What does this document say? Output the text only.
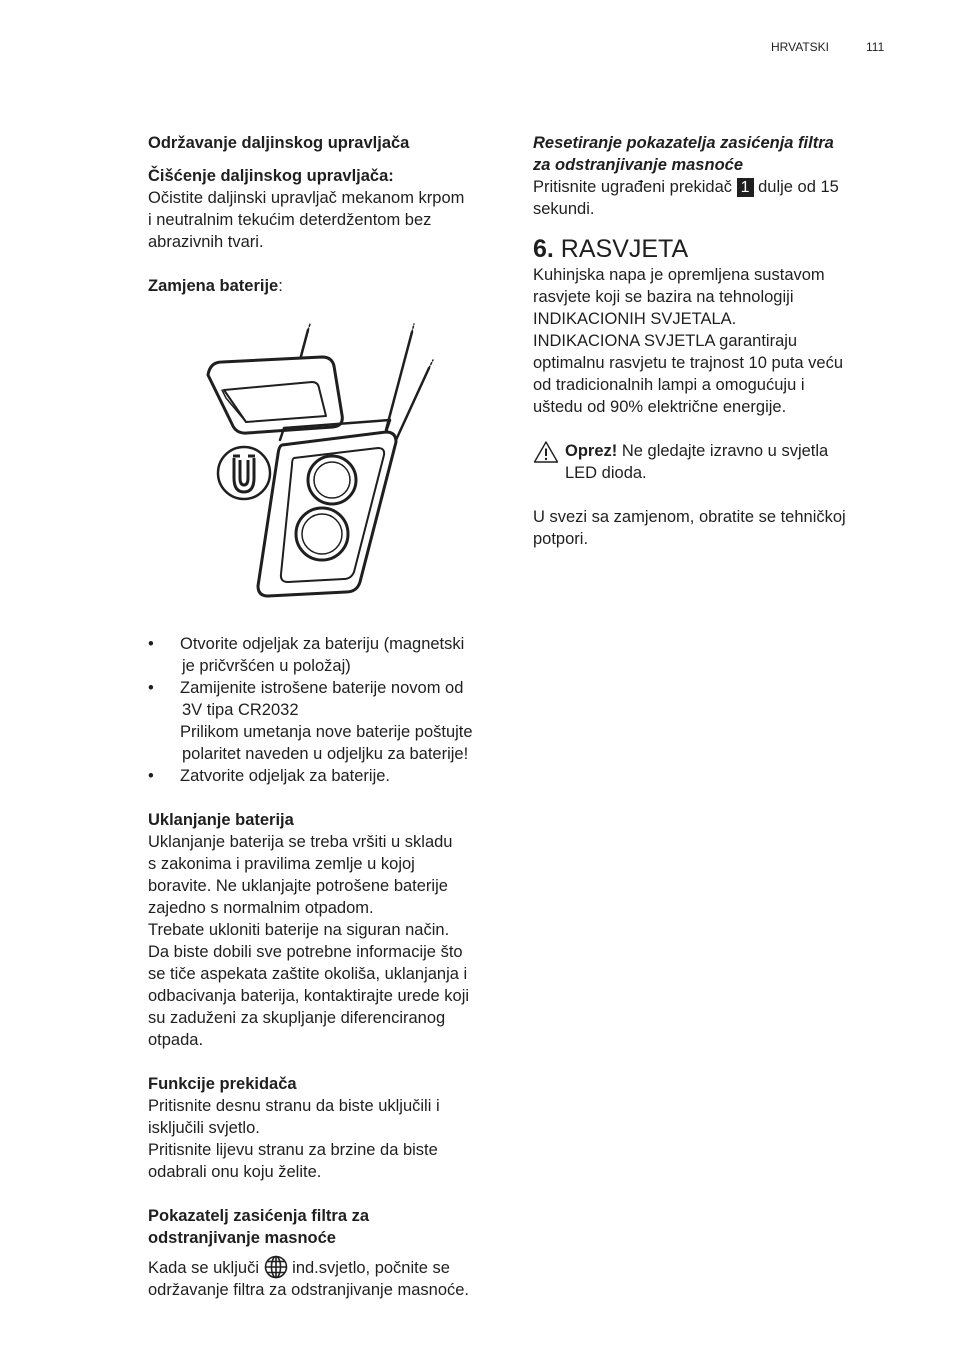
HRVATSKI	111

Održavanje daljinskog upravljača

Čišćenje daljinskog upravljača:

Očistite daljinski upravljač mekanom krpom
i neutralnim tekućim deterdžentom bez
abrazivnih tvari.

Zamjena baterije:

• Otvorite odjeljak za bateriju (magnetski
je pričvršćen u položaj)
• Zamijenite istrošene baterije novom od
3V tipa CR2032
Prilikom umetanja nove baterije poštujte
polaritet naveden u odjeljku za baterije!
• Zatvorite odjeljak za baterije.

Uklanjanje baterija

Uklanjanje baterija se treba vršiti u skladu
s zakonima i pravilima zemlje u kojoj
boravite. Ne uklanjajte potrošene baterije
zajedno s normalnim otpadom.
Trebate ukloniti baterije na siguran način.
Da biste dobili sve potrebne informacije što
se tiče aspekata zaštite okoliša, uklanjanja i
odbacivanja baterija, kontaktirajte urede koji
su zaduženi za skupljanje diferenciranog
otpada.

Funkcije prekidača

Pritisnite desnu stranu da biste uključili i
isključili svjetlo.
Pritisnite lijevu stranu za brzine da biste
odabrali onu koju želite.

Pokazatelj zasićenja filtra za
odstranjivanje masnoće

Kada se uključi  ind.svjetlo, počnite se
održavanje filtra za odstranjivanje masnoće.

Resetiranje pokazatelja zasićenja filtra
za odstranjivanje masnoće

Pritisnite ugrađeni prekidač 1 dulje od 15
sekundi.

6. RASVJETA

Kuhinjska napa je opremljena sustavom
rasvjete koji se bazira na tehnologiji
INDIKACIONIH SVJETALA.
INDIKACIONA SVJETLA garantiraju
optimalnu rasvjetu te trajnost 10 puta veću
od tradicionalnih lampi a omogućuju i
uštedu od 90% električne energije.

Oprez! Ne gledajte izravno u svjetla
LED dioda.

U svezi sa zamjenom, obratite se tehničkoj
potpori.
